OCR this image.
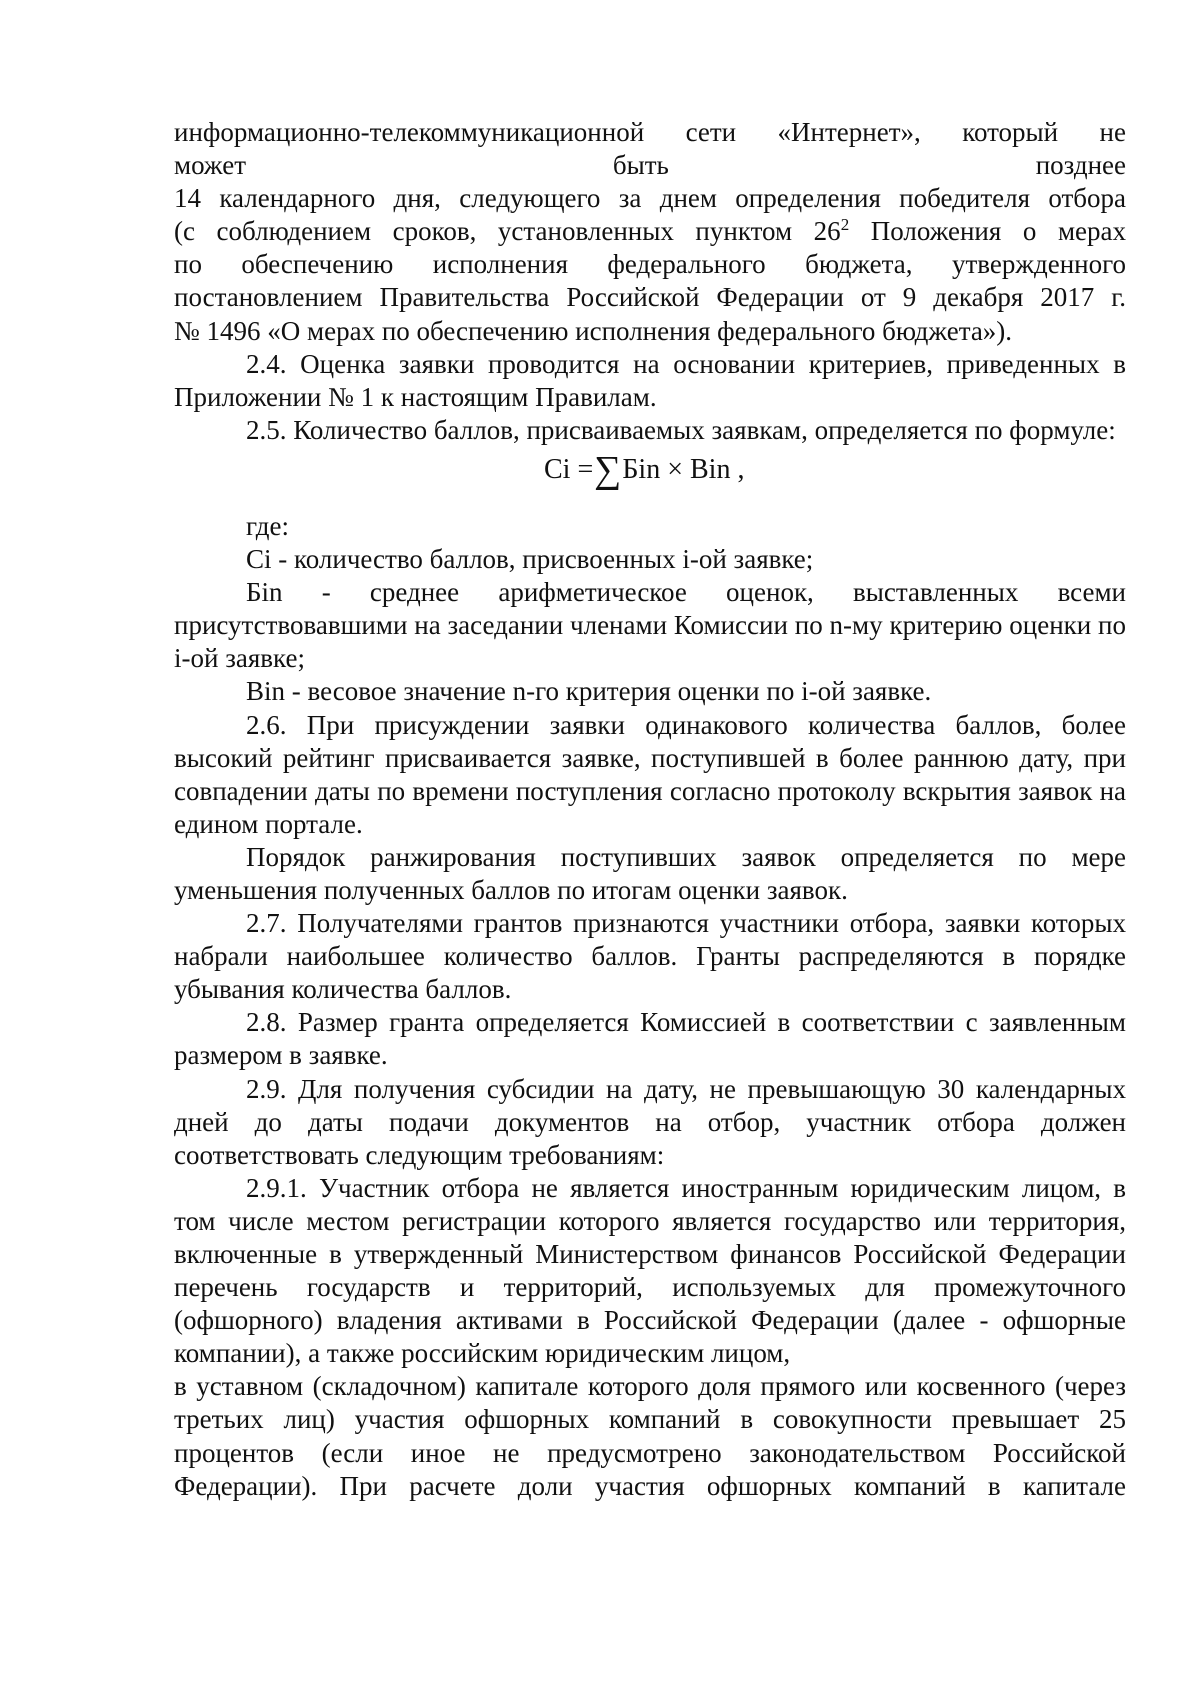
информационно-телекоммуникационной сети «Интернет», который не
может	быть	позднее
14 календарного дня, следующего за днем определения победителя отбора
(с соблюдением сроков, установленных пунктом $26^2$ Положения о мерах
по обеспечению исполнения федерального бюджета, утвержденного
постановлением Правительства Российской Федерации от 9 декабря 2017 г.
№ 1496 «О мерах по обеспечению исполнения федерального бюджета»).

2.4. Оценка заявки проводится на основании критериев, приведенных в Приложении № 1 к настоящим Правилам.

2.5. Количество баллов, присваиваемых заявкам, определяется по формуле:

Ci =∑Бin × Bin ,

где:

Ci - количество баллов, присвоенных i-ой заявке;

Бin - среднее арифметическое оценок, выставленных всеми присутствовавшими на заседании членами Комиссии по n-му критерию оценки по i-ой заявке;

Bin - весовое значение n-го критерия оценки по i-ой заявке.

2.6. При присуждении заявки одинакового количества баллов, более высокий рейтинг присваивается заявке, поступившей в более раннюю дату, при совпадении даты по времени поступления согласно протоколу вскрытия заявок на едином портале.

Порядок ранжирования поступивших заявок определяется по мере уменьшения полученных баллов по итогам оценки заявок.

2.7. Получателями грантов признаются участники отбора, заявки которых набрали наибольшее количество баллов. Гранты распределяются в порядке убывания количества баллов.

2.8. Размер гранта определяется Комиссией в соответствии с заявленным размером в заявке.

2.9. Для получения субсидии на дату, не превышающую 30 календарных дней до даты подачи документов на отбор, участник отбора должен соответствовать следующим требованиям:

2.9.1. Участник отбора не является иностранным юридическим лицом, в том числе местом регистрации которого является государство или территория, включенные в утвержденный Министерством финансов Российской Федерации перечень государств и территорий, используемых для промежуточного (офшорного) владения активами в Российской Федерации (далее - офшорные компании), а также российским юридическим лицом,

в уставном (складочном) капитале которого доля прямого или косвенного (через третьих лиц) участия офшорных компаний в совокупности превышает 25 процентов (если иное не предусмотрено законодательством Российской Федерации). При расчете доли участия офшорных компаний в капитале
